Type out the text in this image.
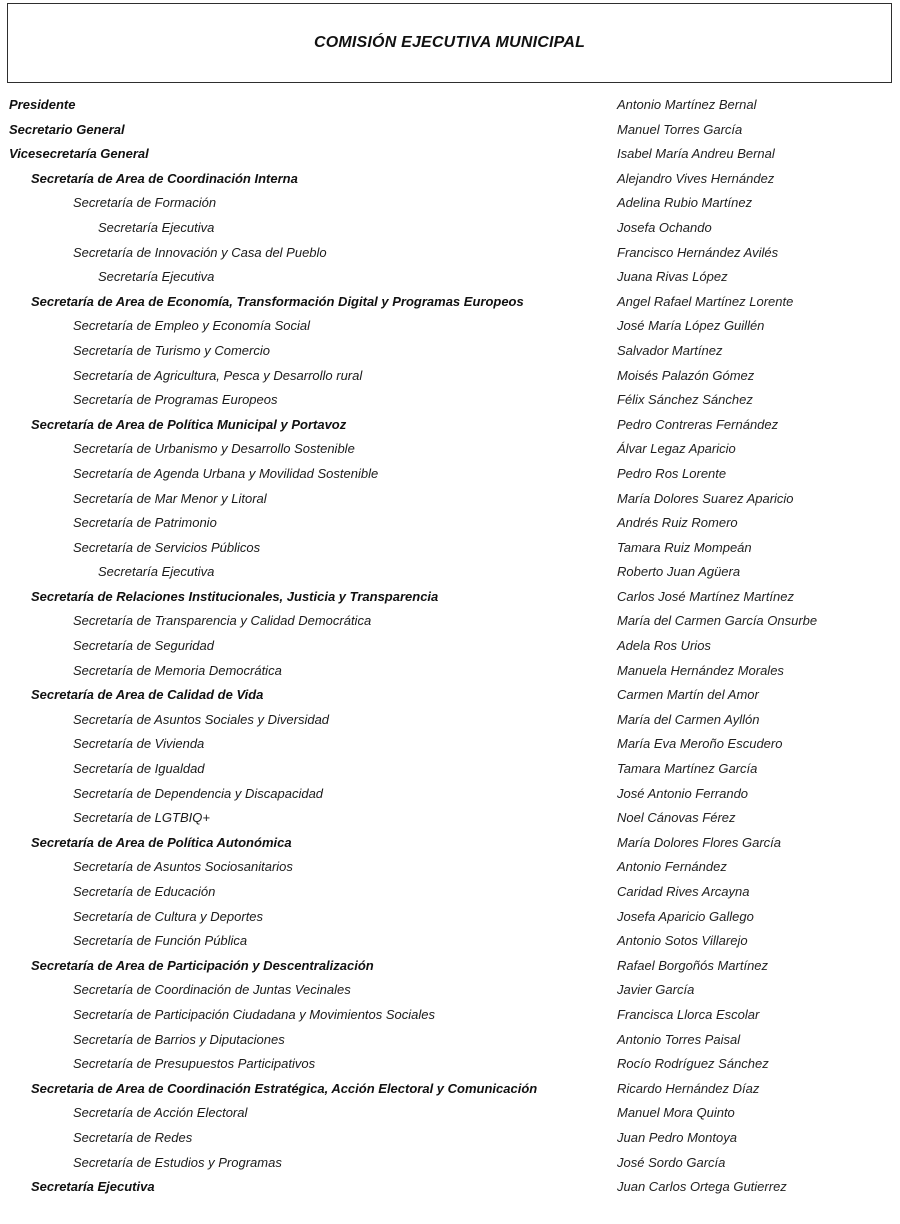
COMISIÓN EJECUTIVA MUNICIPAL
Presidente	Antonio Martínez Bernal
Secretario General	Manuel Torres García
Vicesecretaría General	Isabel María Andreu Bernal
Secretaría de Area de Coordinación Interna	Alejandro Vives Hernández
Secretaría de Formación	Adelina Rubio Martínez
Secretaría Ejecutiva	Josefa Ochando
Secretaría de Innovación y Casa del Pueblo	Francisco Hernández Avilés
Secretaría Ejecutiva	Juana Rivas López
Secretaría de Area de Economía, Transformación Digital y Programas Europeos	Angel Rafael Martínez Lorente
Secretaría de Empleo y Economía Social	José María López Guillén
Secretaría de Turismo y Comercio	Salvador Martínez
Secretaría de Agricultura, Pesca y Desarrollo rural	Moisés Palazón Gómez
Secretaría de Programas Europeos	Félix Sánchez Sánchez
Secretaría de Area de Política Municipal y Portavoz	Pedro Contreras Fernández
Secretaría de Urbanismo y Desarrollo Sostenible	Álvar Legaz Aparicio
Secretaría de Agenda Urbana y Movilidad Sostenible	Pedro Ros Lorente
Secretaría de Mar Menor y Litoral	María Dolores Suarez Aparicio
Secretaría de Patrimonio	Andrés Ruiz Romero
Secretaría de Servicios Públicos	Tamara Ruiz Mompeán
Secretaría Ejecutiva	Roberto Juan Agüera
Secretaría de Relaciones Institucionales, Justicia y Transparencia	Carlos José Martínez Martínez
Secretaría de Transparencia y Calidad Democrática	María del Carmen García Onsurbe
Secretaría de Seguridad	Adela Ros Urios
Secretaría de Memoria Democrática	Manuela Hernández Morales
Secretaría de Area de Calidad de Vida	Carmen Martín del Amor
Secretaría de Asuntos Sociales y Diversidad	María del Carmen Ayllón
Secretaría de Vivienda	María Eva Meroño Escudero
Secretaría de Igualdad	Tamara Martínez García
Secretaría de Dependencia y Discapacidad	José Antonio Ferrando
Secretaría de LGTBIQ+	Noel Cánovas Férez
Secretaría de Area de Política Autonómica	María Dolores Flores García
Secretaría de Asuntos Sociosanitarios	Antonio Fernández
Secretaría de Educación	Caridad Rives Arcayna
Secretaría de Cultura y Deportes	Josefa Aparicio Gallego
Secretaría de Función Pública	Antonio Sotos Villarejo
Secretaría de Area de Participación y Descentralización	Rafael Borgoñós Martínez
Secretaría de Coordinación de Juntas Vecinales	Javier García
Secretaría de Participación Ciudadana y Movimientos Sociales	Francisca Llorca Escolar
Secretaría de Barrios y Diputaciones	Antonio Torres Paisal
Secretaría de Presupuestos Participativos	Rocío Rodríguez Sánchez
Secretaria de Area de Coordinación Estratégica, Acción Electoral y Comunicación	Ricardo Hernández Díaz
Secretaría de Acción Electoral	Manuel Mora Quinto
Secretaría de Redes	Juan Pedro Montoya
Secretaría de Estudios y Programas	José Sordo García
Secretaría Ejecutiva	Juan Carlos Ortega Gutierrez
